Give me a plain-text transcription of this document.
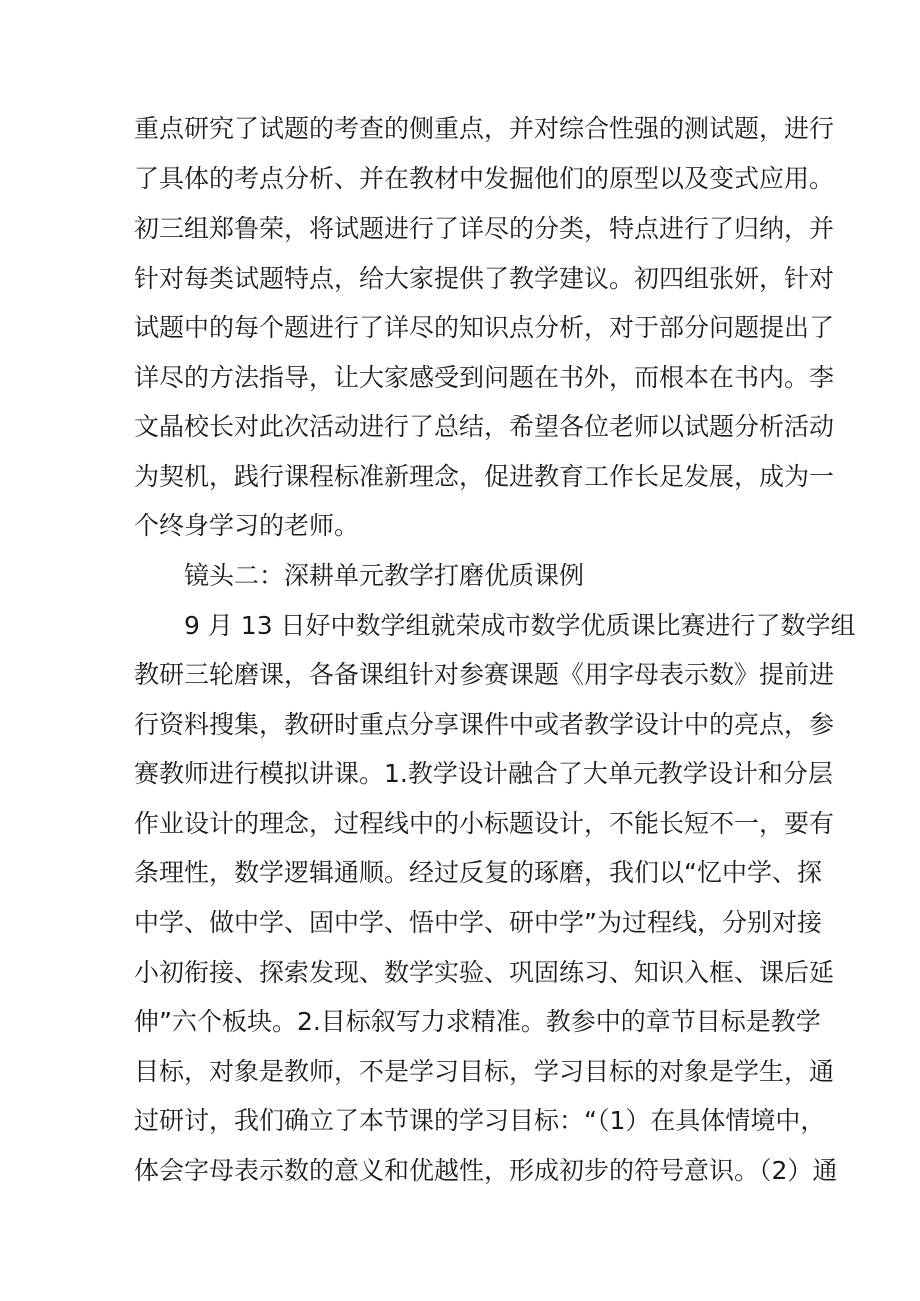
重点研究了试题的考查的侧重点，并对综合性强的测试题，进行
了具体的考点分析、并在教材中发掘他们的原型以及变式应用。
初三组郑鲁荣，将试题进行了详尽的分类，特点进行了归纳，并
针对每类试题特点，给大家提供了教学建议。初四组张妍，针对
试题中的每个题进行了详尽的知识点分析，对于部分问题提出了
详尽的方法指导，让大家感受到问题在书外，而根本在书内。李
文晶校长对此次活动进行了总结，希望各位老师以试题分析活动
为契机，践行课程标准新理念，促进教育工作长足发展，成为一
个终身学习的老师。
镜头二：深耕单元教学打磨优质课例
9 月 13 日好中数学组就荣成市数学优质课比赛进行了数学组
教研三轮磨课，各备课组针对参赛课题《用字母表示数》提前进
行资料搜集，教研时重点分享课件中或者教学设计中的亮点，参
赛教师进行模拟讲课。1.教学设计融合了大单元教学设计和分层
作业设计的理念，过程线中的小标题设计，不能长短不一，要有
条理性，数学逻辑通顺。经过反复的琢磨，我们以“忆中学、探
中学、做中学、固中学、悟中学、研中学”为过程线，分别对接
小初衔接、探索发现、数学实验、巩固练习、知识入框、课后延
伸”六个板块。2.目标叙写力求精准。教参中的章节目标是教学
目标，对象是教师，不是学习目标，学习目标的对象是学生，通
过研讨，我们确立了本节课的学习目标：“（1）在具体情境中，
体会字母表示数的意义和优越性，形成初步的符号意识。（2）通
